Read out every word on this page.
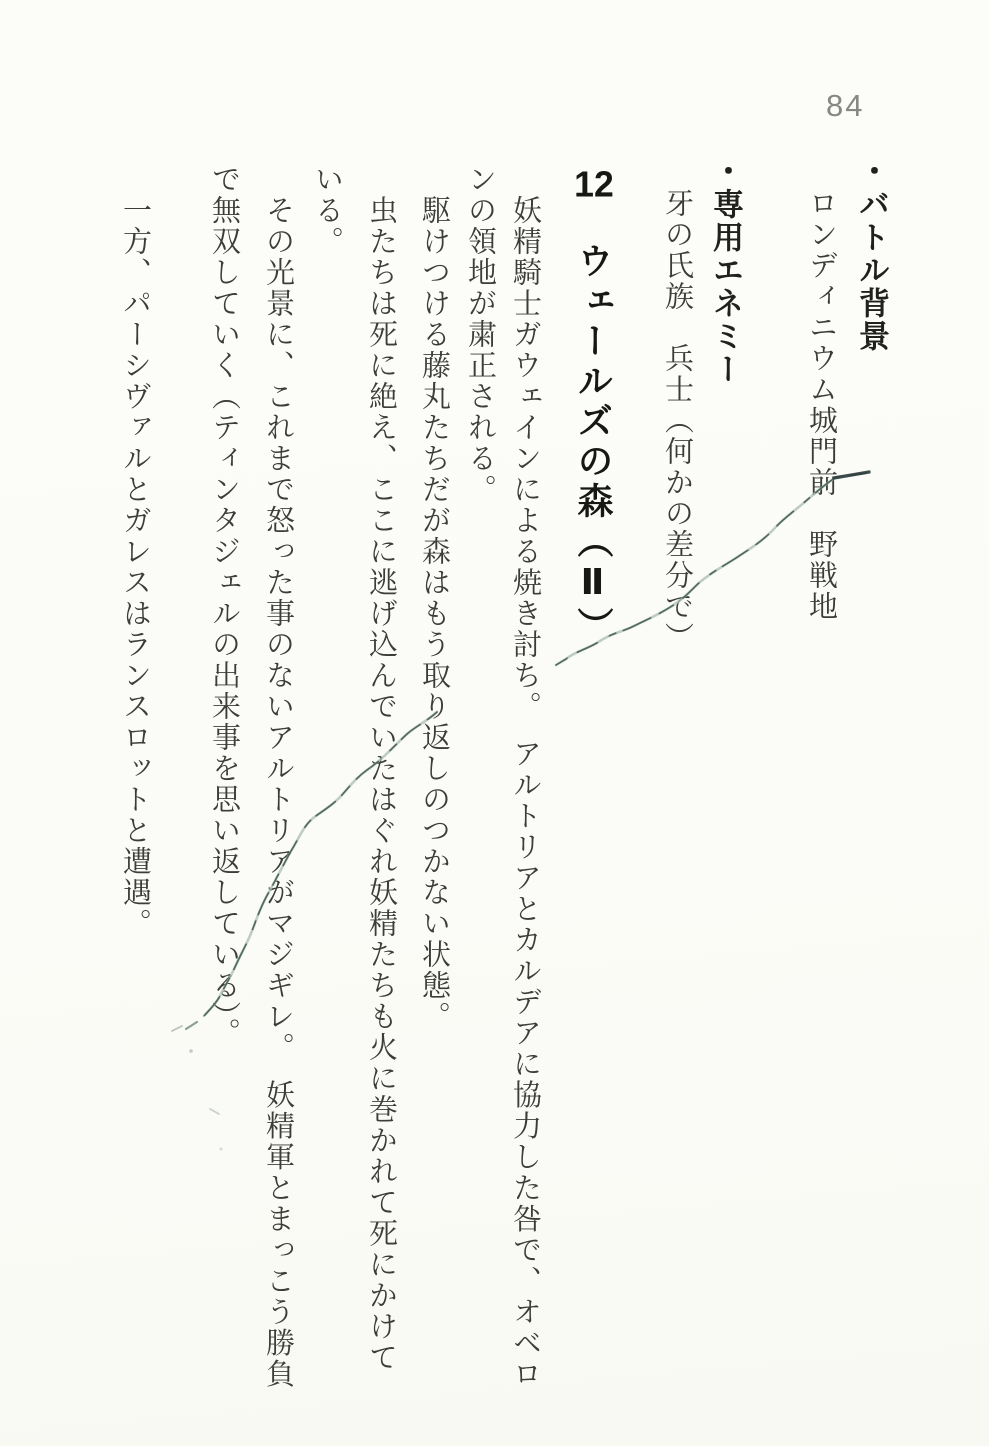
84
・バトル背景
　ロンディニウム城門前　野戦地
・専用エネミー
　牙の氏族　兵士（何かの差分で）
12　ウェールズの森（Ⅱ）
　妖精騎士ガウェインによる焼き討ち。　アルトリアとカルデアに協力した咎で、オベロ
ンの領地が粛正される。
　駆けつける藤丸たちだが森はもう取り返しのつかない状態。
　虫たちは死に絶え、ここに逃げ込んでいたはぐれ妖精たちも火に巻かれて死にかけて
いる。
　その光景に、これまで怒った事のないアルトリアがマジギレ。　妖精軍とまっこう勝負
で無双していく（ティンタジェルの出来事を思い返している）。
　一方、パーシヴァルとガレスはランスロットと遭遇。
